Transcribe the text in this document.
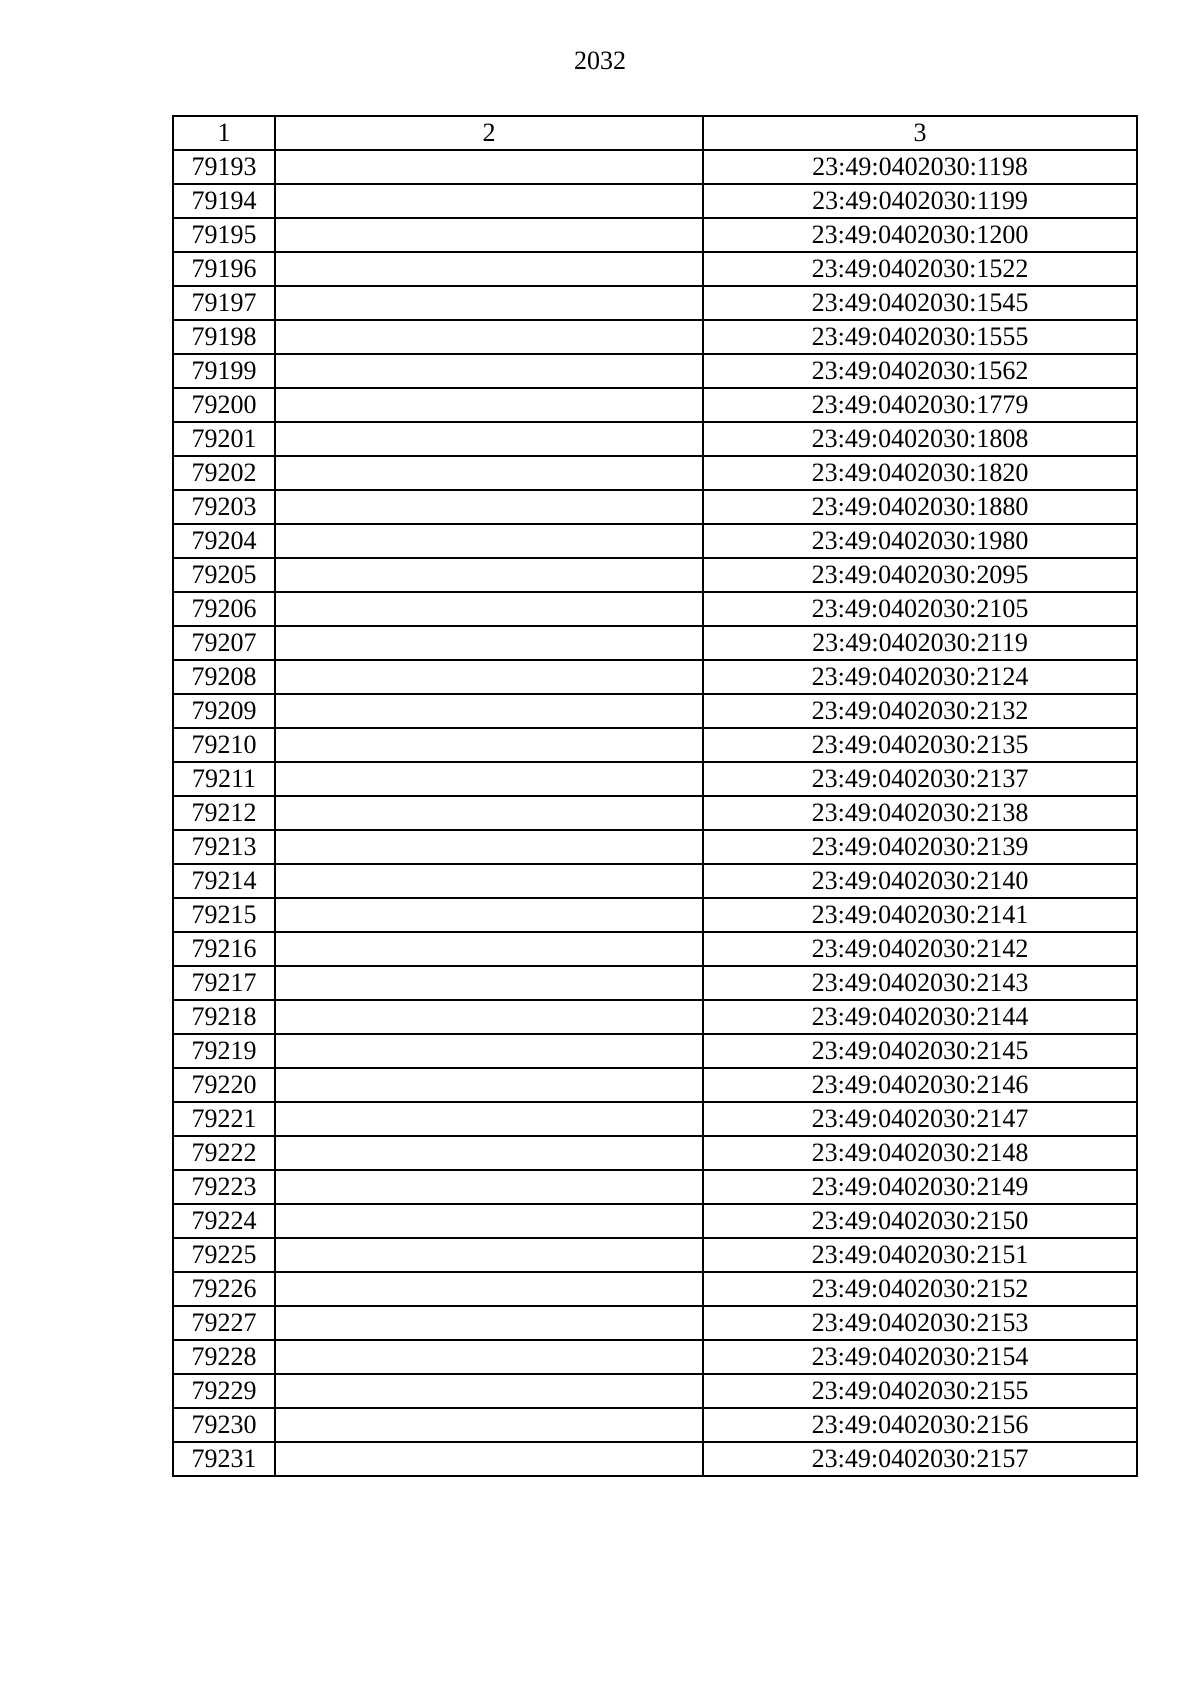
2032
1	2	3
79193		23:49:0402030:1198
79194		23:49:0402030:1199
79195		23:49:0402030:1200
79196		23:49:0402030:1522
79197		23:49:0402030:1545
79198		23:49:0402030:1555
79199		23:49:0402030:1562
79200		23:49:0402030:1779
79201		23:49:0402030:1808
79202		23:49:0402030:1820
79203		23:49:0402030:1880
79204		23:49:0402030:1980
79205		23:49:0402030:2095
79206		23:49:0402030:2105
79207		23:49:0402030:2119
79208		23:49:0402030:2124
79209		23:49:0402030:2132
79210		23:49:0402030:2135
79211		23:49:0402030:2137
79212		23:49:0402030:2138
79213		23:49:0402030:2139
79214		23:49:0402030:2140
79215		23:49:0402030:2141
79216		23:49:0402030:2142
79217		23:49:0402030:2143
79218		23:49:0402030:2144
79219		23:49:0402030:2145
79220		23:49:0402030:2146
79221		23:49:0402030:2147
79222		23:49:0402030:2148
79223		23:49:0402030:2149
79224		23:49:0402030:2150
79225		23:49:0402030:2151
79226		23:49:0402030:2152
79227		23:49:0402030:2153
79228		23:49:0402030:2154
79229		23:49:0402030:2155
79230		23:49:0402030:2156
79231		23:49:0402030:2157
